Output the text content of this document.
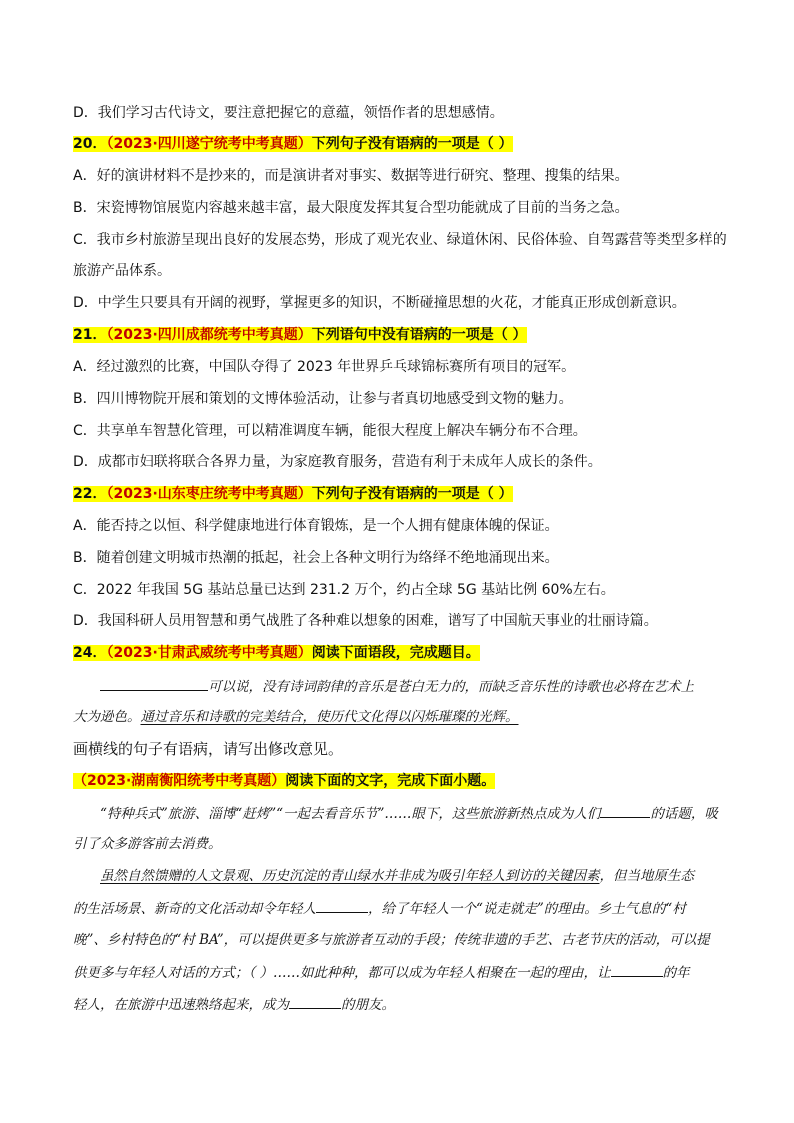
D．我们学习古代诗文，要注意把握它的意蕴，领悟作者的思想感情。
20．（2023·四川遂宁统考中考真题）下列句子没有语病的一项是（ ）
A．好的演讲材料不是抄来的，而是演讲者对事实、数据等进行研究、整理、搜集的结果。
B．宋瓷博物馆展览内容越来越丰富，最大限度发挥其复合型功能就成了目前的当务之急。
C．我市乡村旅游呈现出良好的发展态势，形成了观光农业、绿道休闲、民俗体验、自驾露营等类型多样的
旅游产品体系。
D．中学生只要具有开阔的视野，掌握更多的知识，不断碰撞思想的火花，才能真正形成创新意识。
21．（2023·四川成都统考中考真题）下列语句中没有语病的一项是（ ）
A．经过激烈的比赛，中国队夺得了 2023 年世界乒乓球锦标赛所有项目的冠军。
B．四川博物院开展和策划的文博体验活动，让参与者真切地感受到文物的魅力。
C．共享单车智慧化管理，可以精准调度车辆，能很大程度上解决车辆分布不合理。
D．成都市妇联将联合各界力量，为家庭教育服务，营造有利于未成年人成长的条件。
22．（2023·山东枣庄统考中考真题）下列句子没有语病的一项是（ ）
A．能否持之以恒、科学健康地进行体育锻炼，是一个人拥有健康体魄的保证。
B．随着创建文明城市热潮的抵起，社会上各种文明行为络绎不绝地涌现出来。
C．2022 年我国 5G 基站总量已达到 231.2 万个，约占全球 5G 基站比例 60%左右。
D．我国科研人员用智慧和勇气战胜了各种难以想象的困难，谱写了中国航天事业的壮丽诗篇。
24．（2023·甘肃武威统考中考真题）阅读下面语段，完成题目。
可以说，没有诗词韵律的音乐是苍白无力的，而缺乏音乐性的诗歌也必将在艺术上
大为逊色。通过音乐和诗歌的完美结合，使历代文化得以闪烁璀璨的光辉。
画横线的句子有语病，请写出修改意见。
（2023·湖南衡阳统考中考真题）阅读下面的文字，完成下面小题。
“特种兵式”旅游、淄博“赶烤”“一起去看音乐节”……眼下，这些旅游新热点成为人们	的话题，吸
引了众多游客前去消费。
虽然自然馈赠的人文景观、历史沉淀的青山绿水并非成为吸引年轻人到访的关键因素，但当地原生态
的生活场景、新奇的文化活动却令年轻人	，给了年轻人一个“说走就走”的理由。乡土气息的“村
晚”、乡村特色的“村 BA”，可以提供更多与旅游者互动的手段；传统非遗的手艺、古老节庆的活动，可以提
供更多与年轻人对话的方式；（ ）……如此种种，都可以成为年轻人相聚在一起的理由，让	的年
轻人，在旅游中迅速熟络起来，成为	的朋友。
